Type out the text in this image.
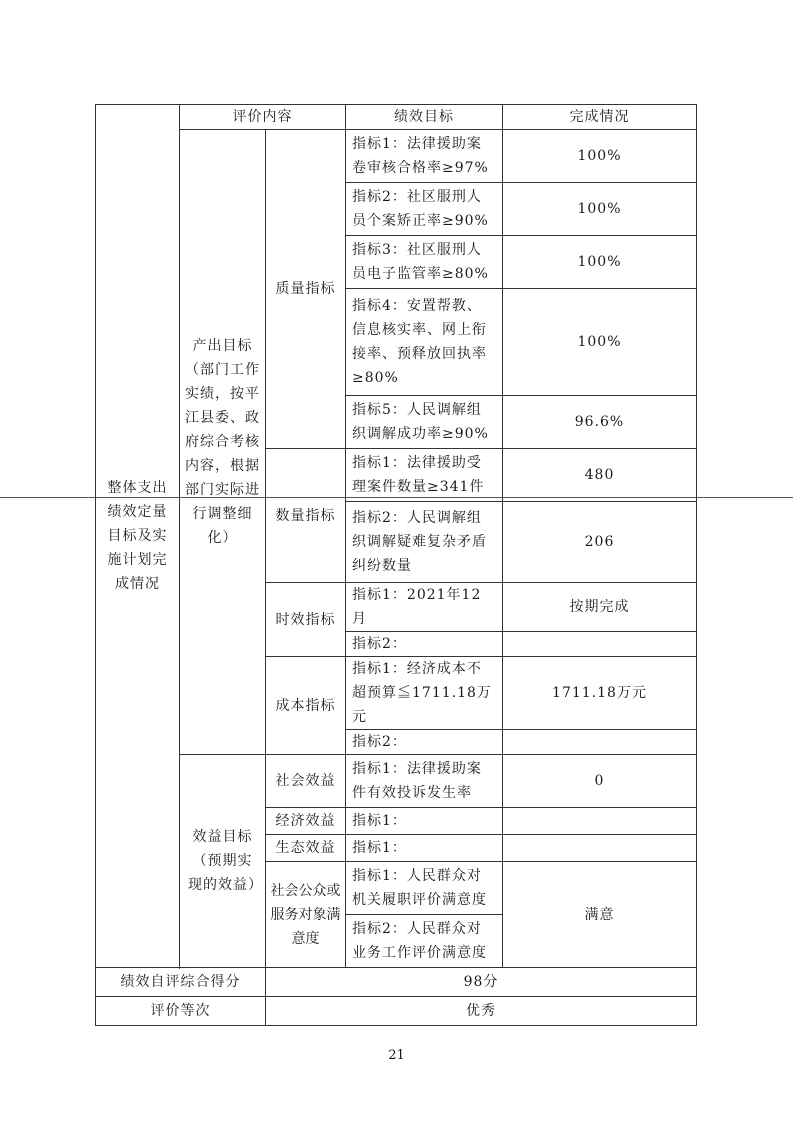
整体支出绩效定量目标及实施计划完成情况	评价内容		绩效目标	完成情况
	产出目标（部门工作实绩，按平江县委、政府综合考核内容，根据部门实际进行调整细化）	质量指标	指标1：法律援助案卷审核合格率≥97%	100%
			指标2：社区服刑人员个案矫正率≥90%	100%
			指标3：社区服刑人员电子监管率≥80%	100%
			指标4：安置帮教、信息核实率、网上衔接率、预释放回执率≥80%	100%
			指标5：人民调解组织调解成功率≥90%	96.6%
		数量指标	指标1：法律援助受理案件数量≥341件	480
			指标2：人民调解组织调解疑难复杂矛盾纠纷数量	206
		时效指标	指标1：2021年12月	按期完成
			指标2：	
		成本指标	指标1：经济成本不超预算≦1711.18万元	1711.18万元
			指标2：	
	效益目标（预期实现的效益）	社会效益	指标1：法律援助案件有效投诉发生率	0
		经济效益	指标1：	
		生态效益	指标1：	
		社会公众或服务对象满意度	指标1：人民群众对机关履职评价满意度	满意
			指标2：人民群众对业务工作评价满意度	

绩效自评综合得分		98分		
评价等次		优秀		
21
